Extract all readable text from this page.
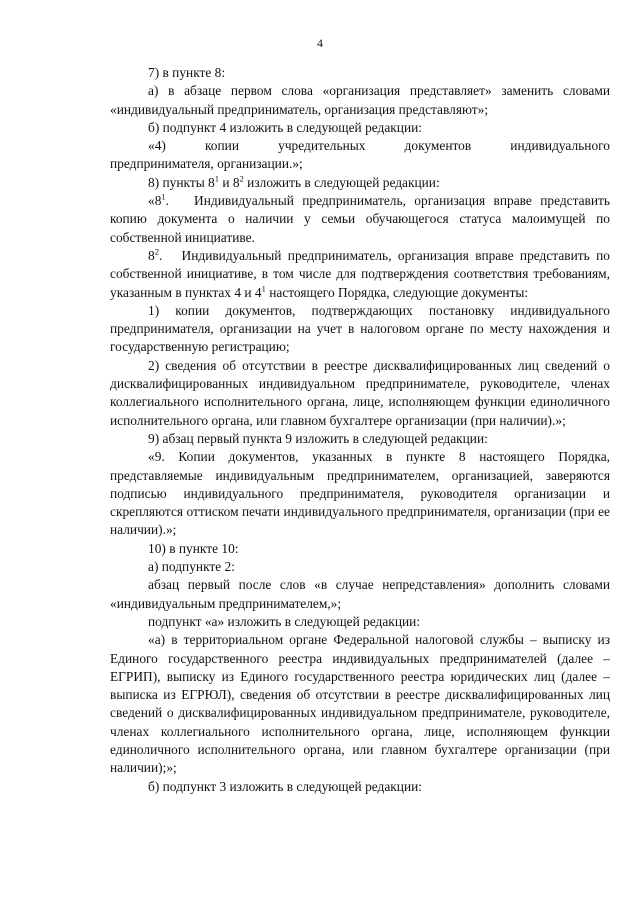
4

7) в пункте 8:

а) в абзаце первом слова «организация представляет» заменить словами «индивидуальный предприниматель, организация представляют»;

б) подпункт 4 изложить в следующей редакции:

«4)     копии     учредительных     документов     индивидуального предпринимателя, организации.»;

8) пункты $8^1$ и $8^2$ изложить в следующей редакции:

«$8^1$.   Индивидуальный предприниматель, организация вправе представить копию документа о наличии у семьи обучающегося статуса малоимущей по собственной инициативе.

$8^2$.   Индивидуальный предприниматель, организация вправе представить по собственной инициативе, в том числе для подтверждения соответствия требованиям, указанным в пунктах 4 и $4^1$ настоящего Порядка, следующие документы:

1) копии документов, подтверждающих постановку индивидуального предпринимателя, организации на учет в налоговом органе по месту нахождения и государственную регистрацию;

2) сведения об отсутствии в реестре дисквалифицированных лиц сведений о дисквалифицированных индивидуальном предпринимателе, руководителе, членах коллегиального исполнительного органа, лице, исполняющем функции единоличного исполнительного органа, или главном бухгалтере организации (при наличии).»;

9) абзац первый пункта 9 изложить в следующей редакции:

«9. Копии документов, указанных в пункте 8 настоящего Порядка, представляемые индивидуальным предпринимателем, организацией, заверяются подписью индивидуального предпринимателя, руководителя организации и скрепляются оттиском печати индивидуального предпринимателя, организации (при ее наличии).»;

10) в пункте 10:

а) подпункте 2:

абзац первый после слов «в случае непредставления» дополнить словами «индивидуальным предпринимателем,»;

подпункт «а» изложить в следующей редакции:

«а) в территориальном органе Федеральной налоговой службы – выписку из Единого государственного реестра индивидуальных предпринимателей (далее – ЕГРИП), выписку из Единого государственного реестра юридических лиц (далее – выписка из ЕГРЮЛ), сведения об отсутствии в реестре дисквалифицированных лиц сведений о дисквалифицированных индивидуальном предпринимателе, руководителе, членах коллегиального исполнительного органа, лице, исполняющем функции единоличного исполнительного органа, или главном бухгалтере организации (при наличии);»;

б) подпункт 3 изложить в следующей редакции:
